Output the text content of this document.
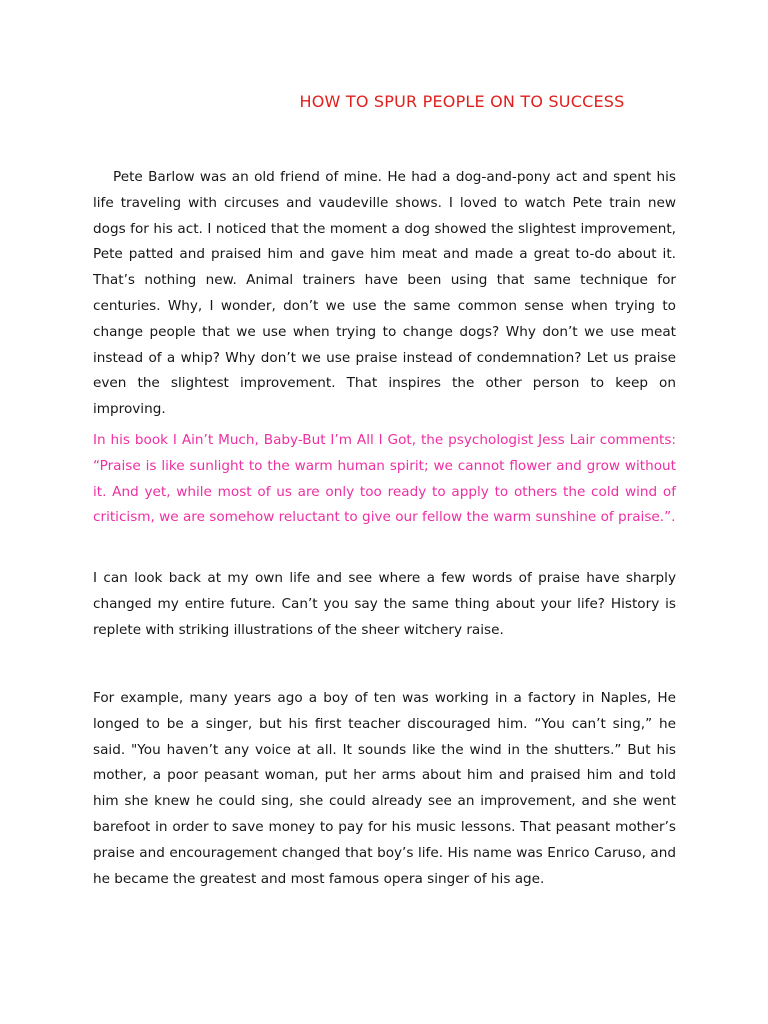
HOW TO SPUR PEOPLE ON TO SUCCESS

Pete Barlow was an old friend of mine. He had a dog-and-pony act and spent his life traveling with circuses and vaudeville shows. I loved to watch Pete train new dogs for his act. I noticed that the moment a dog showed the slightest improvement, Pete patted and praised him and gave him meat and made a great to-do about it. That’s nothing new. Animal trainers have been using that same technique for centuries. Why, I wonder, don’t we use the same common sense when trying to change people that we use when trying to change dogs? Why don’t we use meat instead of a whip? Why don’t we use praise instead of condemnation? Let us praise even the slightest improvement. That inspires the other person to keep on improving.

In his book I Ain’t Much, Baby-But I’m All I Got, the psychologist Jess Lair comments: “Praise is like sunlight to the warm human spirit; we cannot flower and grow without it. And yet, while most of us are only too ready to apply to others the cold wind of criticism, we are somehow reluctant to give our fellow the warm sunshine of praise.”.

I can look back at my own life and see where a few words of praise have sharply changed my entire future. Can’t you say the same thing about your life? History is replete with striking illustrations of the sheer witchery raise.

For example, many years ago a boy of ten was working in a factory in Naples, He longed to be a singer, but his first teacher discouraged him. “You can’t sing,” he said. "You haven’t any voice at all. It sounds like the wind in the shutters.” But his mother, a poor peasant woman, put her arms about him and praised him and told him she knew he could sing, she could already see an improvement, and she went barefoot in order to save money to pay for his music lessons. That peasant mother’s praise and encouragement changed that boy’s life. His name was Enrico Caruso, and he became the greatest and most famous opera singer of his age.
